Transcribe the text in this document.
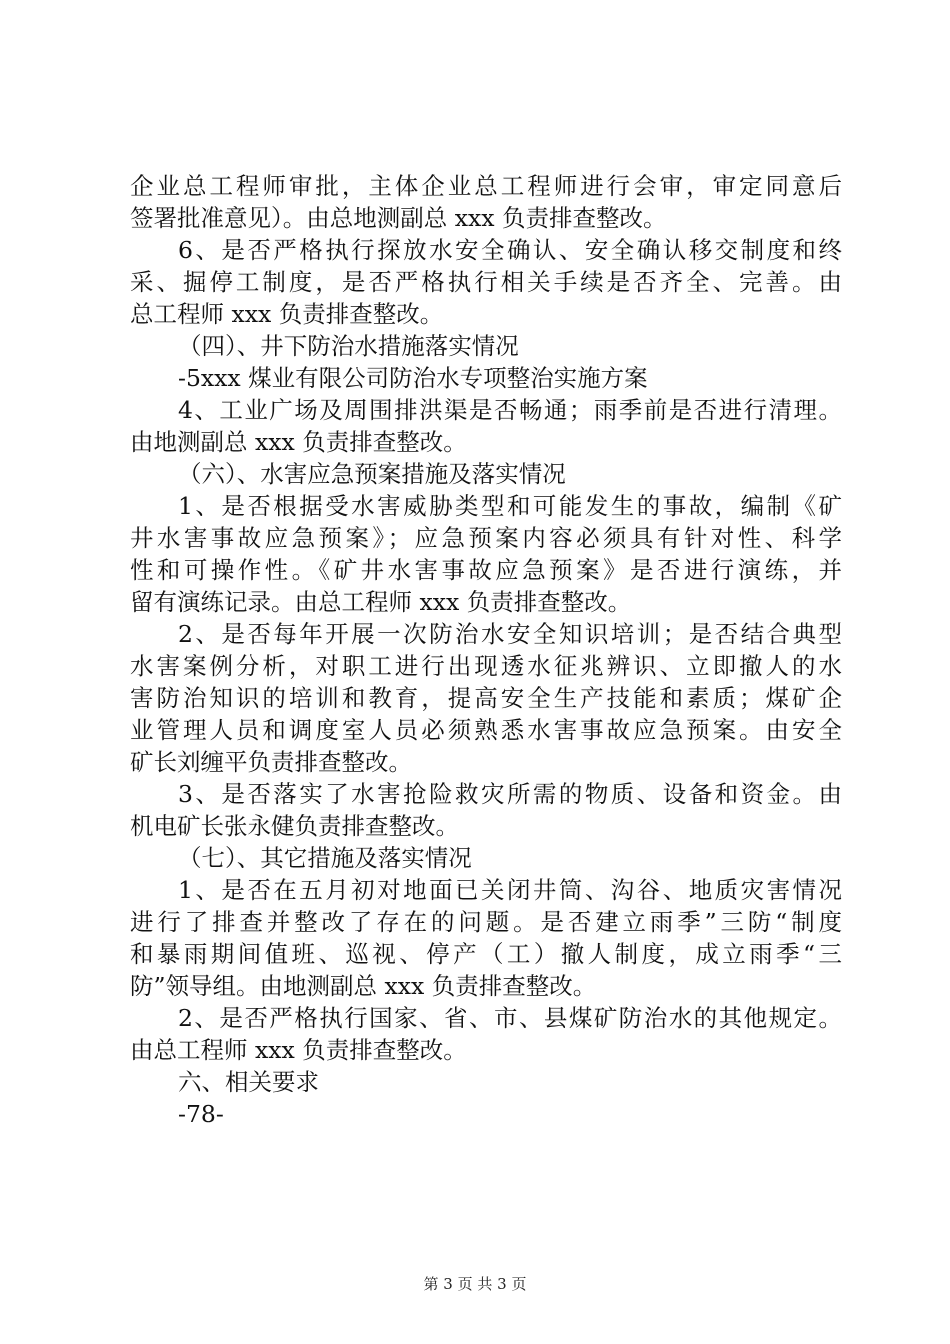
企业总工程师审批，主体企业总工程师进行会审，审定同意后
签署批准意见）。由总地测副总 xxx 负责排查整改。
6、是否严格执行探放水安全确认、安全确认移交制度和终
采、掘停工制度，是否严格执行相关手续是否齐全、完善。由
总工程师 xxx 负责排查整改。
（四）、井下防治水措施落实情况
-5xxx 煤业有限公司防治水专项整治实施方案
4、工业广场及周围排洪渠是否畅通；雨季前是否进行清理。
由地测副总 xxx 负责排查整改。
（六）、水害应急预案措施及落实情况
1、是否根据受水害威胁类型和可能发生的事故，编制《矿
井水害事故应急预案》；应急预案内容必须具有针对性、科学
性和可操作性。《矿井水害事故应急预案》是否进行演练，并
留有演练记录。由总工程师 xxx 负责排查整改。
2、是否每年开展一次防治水安全知识培训；是否结合典型
水害案例分析，对职工进行出现透水征兆辨识、立即撤人的水
害防治知识的培训和教育，提高安全生产技能和素质；煤矿企
业管理人员和调度室人员必须熟悉水害事故应急预案。由安全
矿长刘缠平负责排查整改。
3、是否落实了水害抢险救灾所需的物质、设备和资金。由
机电矿长张永健负责排查整改。
（七）、其它措施及落实情况
1、是否在五月初对地面已关闭井筒、沟谷、地质灾害情况
进行了排查并整改了存在的问题。是否建立雨季”三防“制度
和暴雨期间值班、巡视、停产（工）撤人制度，成立雨季“三
防”领导组。由地测副总 xxx 负责排查整改。
2、是否严格执行国家、省、市、县煤矿防治水的其他规定。
由总工程师 xxx 负责排查整改。
六、相关要求
-78-
第 3 页 共 3 页
